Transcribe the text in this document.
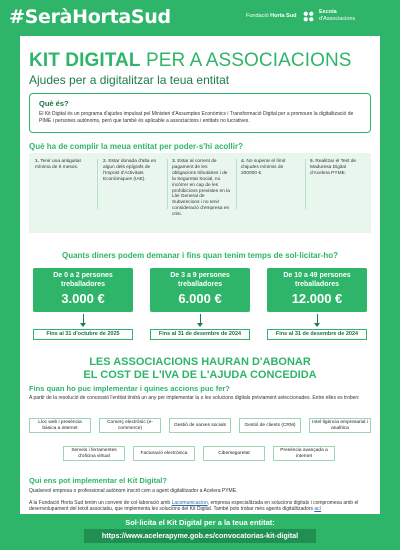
#SeràHortaSud	Fundació Horta Sud
Escola
d'Associacions
KIT DIGITAL PER A ASSOCIACIONS
Ajudes per a digitalitzar la teua entitat
Què és?

El Kit Digital és un programa d'ajudes impulsat pel Ministeri d'Assumptes Econòmics i Transformació Digital per a promoure la digitalització de PIME i persones autònoms, però que també és aplicable a associacions i entitats no lucratives.

Què ha de complir la meua entitat per poder-s'hi acollir?
1. Tenir una antiguitat mínima de 6 mesos.
2. Estar donada d'alta en algun dels epígrafs de l'Impost d'Activitats Econòmiques (IAE).
3. Estar al corrent de pagament de les obligacions tributàries i de la Seguretat Social, no incórrer en cap de les prohibicions previstes en la Llei General de Subvencions i no tenir consideració d'empresa en crisi.
4. No superar el límit d'ajudes mínimis de 200000 €.
5. Realitzar el Test de Maduresa Digital d'Acelera PYME.
Quants diners podem demanar i fins quan tenim temps de sol·licitar-ho?
De 0 a 2 persones treballadores
3.000 €
De 3 a 9 persones treballadores
6.000 €
De 10 a 49 persones treballadores
12.000 €
Fins al 31 d'octubre de 2025	Fins al 31 de desembre de 2024	Fins al 31 de desembre de 2024
LES ASSOCIACIONS HAURAN D'ABONAR
EL COST DE L'IVA DE L'AJUDA CONCEDIDA
Fins quan ho puc implementar i quines accions puc fer?
A partir de la resolució de concessió l'entitat tindrà un any per implementar la o les solucions digitals prèviament seleccionades. Entre elles es troben:
Lloc web i presència bàsica a internet
Comerç electrònic (e-commerce)
Gestió de xarxes socials	Gestió de clients (CRM)
Intel·ligència empresarial i analítica
Serveis i ferramentes d'oficina virtual
Facturació electrònica	Ciberseguretat
Presència avançada a internet
Qui ens pot implementar el Kit Digital?
Qualsevol empresa o professional autònom inscrit com a agent digitalitzador a Acelera PYME.
A la Fundació Horta Sud tenim un conveni de col·laboració amb Lacomunicacion, empresa especialitzada en solucions digitals i compromesa amb el desenvolupament del teixit associatiu, que implementa les solucions del Kit Digital. També pots trobar més agents digitalitzadors ací
Sol·licita el Kit Digital per a la teua entitat:
https://www.acelerapyme.gob.es/convocatorias-kit-digital
